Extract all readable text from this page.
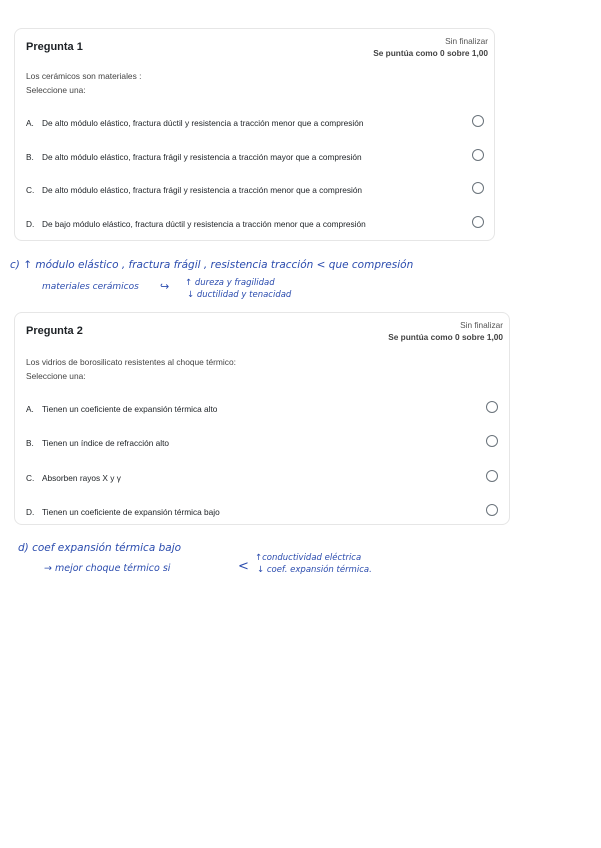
Pregunta 1	Sin finalizar
Se puntúa como 0 sobre 1,00
Los cerámicos son materiales :
Seleccione una:
A. De alto módulo elástico, fractura dúctil y resistencia a tracción menor que a compresión
B. De alto módulo elástico, fractura frágil y resistencia a tracción mayor que a compresión
C. De alto módulo elástico, fractura frágil y resistencia a tracción menor que a compresión
D. De bajo módulo elástico, fractura dúctil y resistencia a tracción menor que a compresión
c) ↑ módulo elástico , fractura frágil , resistencia tracción < que compresión
materiales cerámicos ↪ ↑ dureza y fragilidad
↓ ductilidad y tenacidad
Pregunta 2	Sin finalizar
Se puntúa como 0 sobre 1,00
Los vidrios de borosilicato resistentes al choque térmico:
Seleccione una:
A. Tienen un coeficiente de expansión térmica alto
B. Tienen un índice de refracción alto
C. Absorben rayos X y γ
D. Tienen un coeficiente de expansión térmica bajo
d) coef expansión térmica bajo
→ mejor choque térmico si	<
↑conductividad eléctrica
↓ coef. expansión térmica.
